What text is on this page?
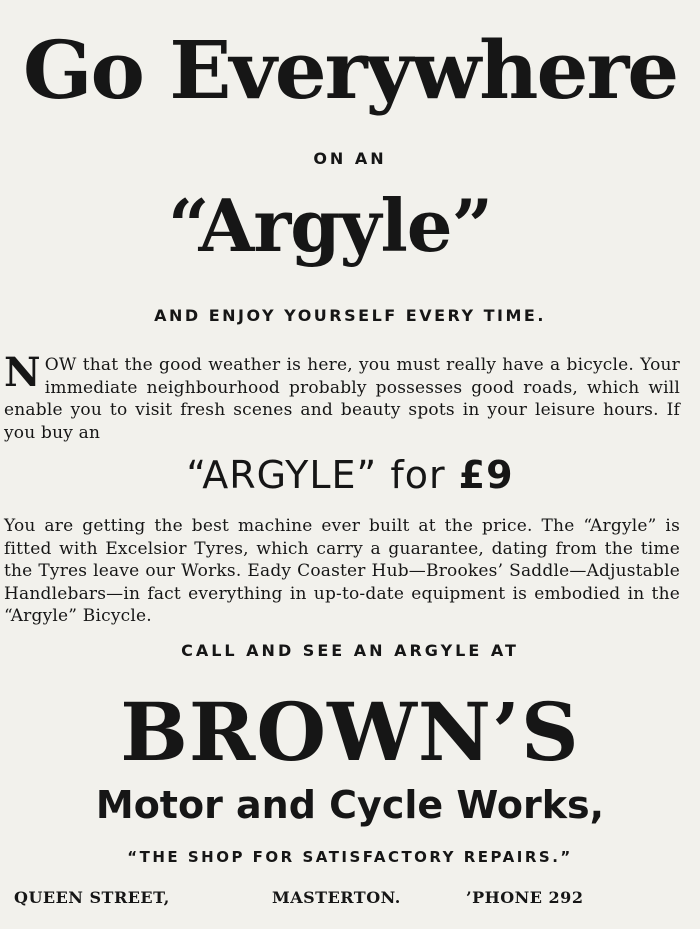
Go Everywhere
ON AN
“Argyle”
AND ENJOY YOURSELF EVERY TIME.
NOW that the good weather is here, you must really have a bicycle. Your immediate neighbourhood probably possesses good roads, which will enable you to visit fresh scenes and beauty spots in your leisure hours. If you buy an
“ARGYLE” for £9
You are getting the best machine ever built at the price. The “Argyle” is fitted with Excelsior Tyres, which carry a guarantee, dating from the time the Tyres leave our Works. Eady Coaster Hub—Brookes’ Saddle—Adjustable Handlebars—in fact everything in up-to-date equipment is embodied in the “Argyle” Bicycle.
CALL AND SEE AN ARGYLE AT
BROWN’S
Motor and Cycle Works,
“THE SHOP FOR SATISFACTORY REPAIRS.”
QUEEN STREET,	MASTERTON.	’PHONE 292
